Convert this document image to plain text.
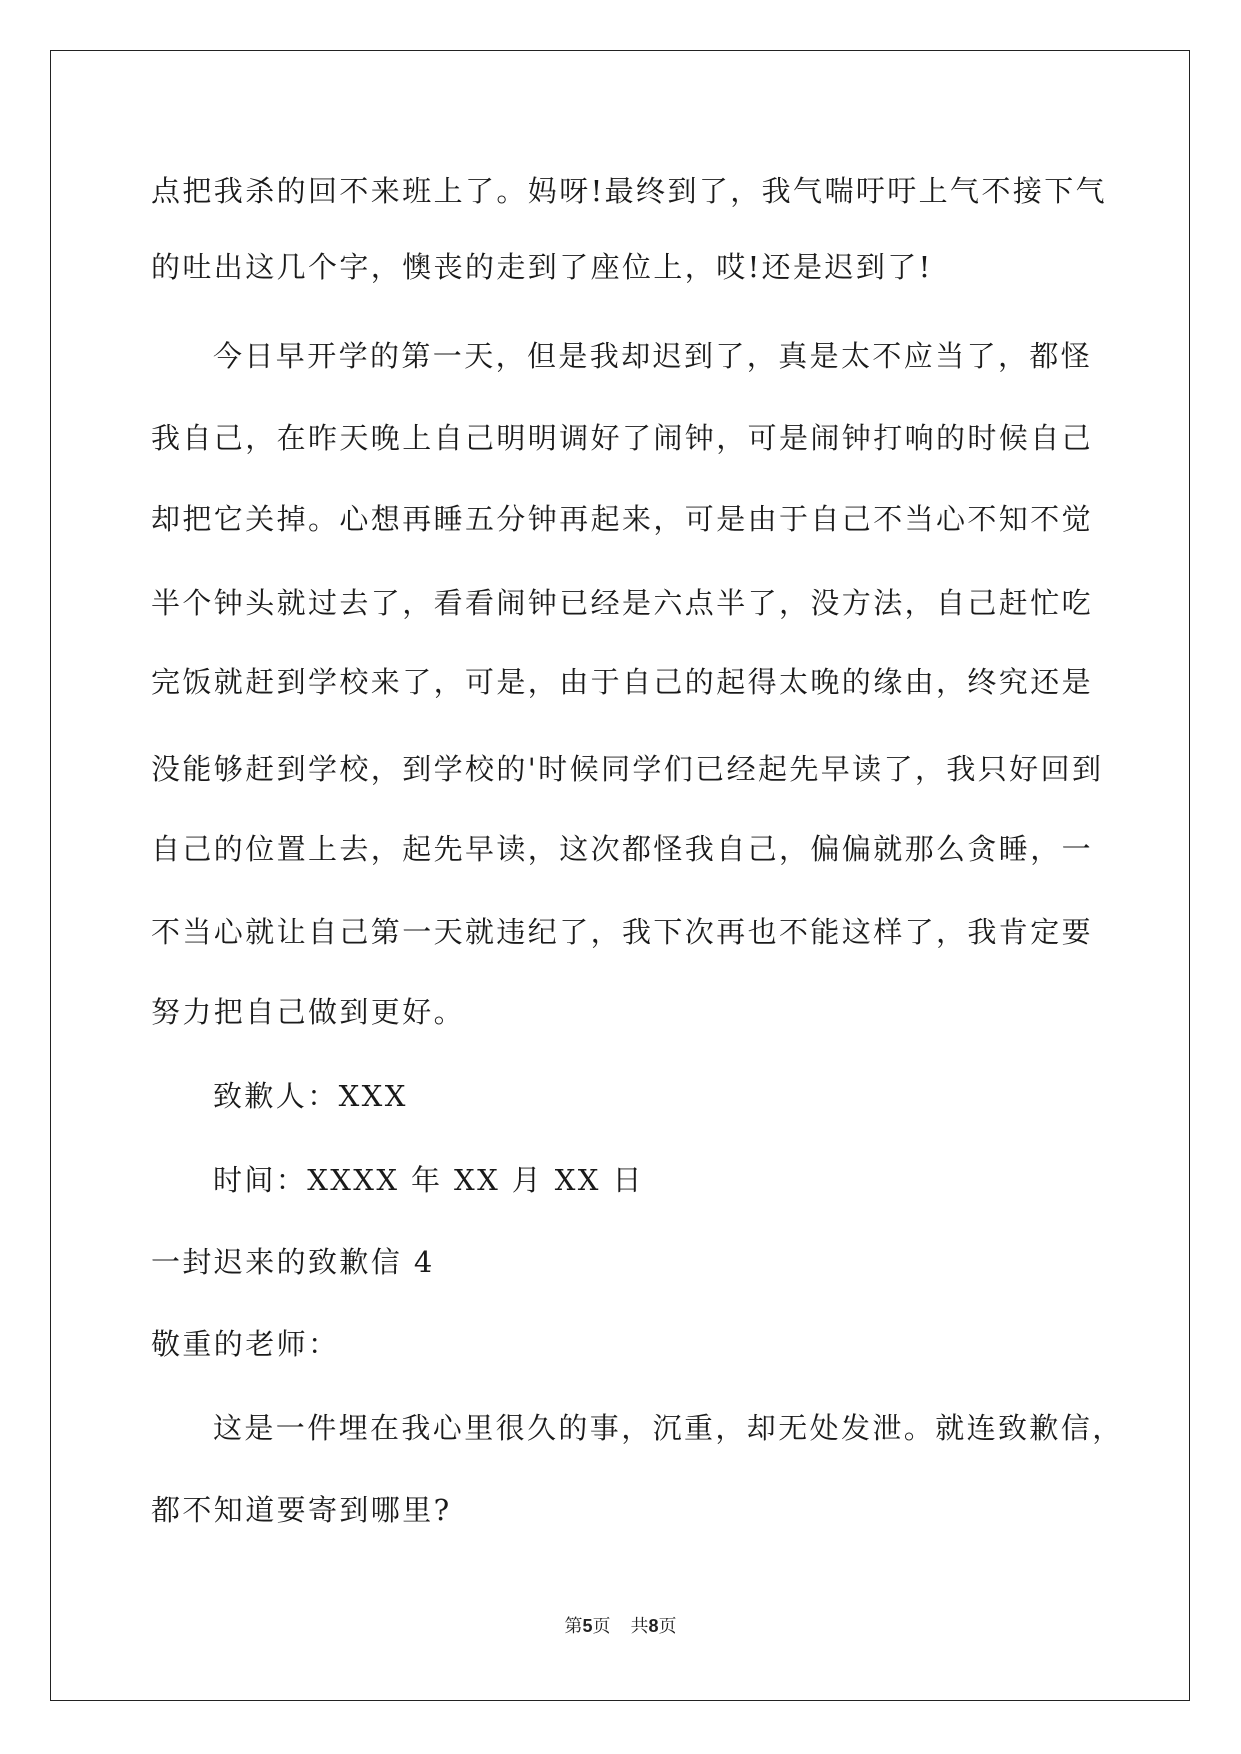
点把我杀的回不来班上了。妈呀!最终到了，我气喘吁吁上气不接下气
的吐出这几个字，懊丧的走到了座位上，哎!还是迟到了!
今日早开学的第一天，但是我却迟到了，真是太不应当了，都怪
我自己，在昨天晚上自己明明调好了闹钟，可是闹钟打响的时候自己
却把它关掉。心想再睡五分钟再起来，可是由于自己不当心不知不觉
半个钟头就过去了，看看闹钟已经是六点半了，没方法，自己赶忙吃
完饭就赶到学校来了，可是，由于自己的起得太晚的缘由，终究还是
没能够赶到学校，到学校的'时候同学们已经起先早读了，我只好回到
自己的位置上去，起先早读，这次都怪我自己，偏偏就那么贪睡，一
不当心就让自己第一天就违纪了，我下次再也不能这样了，我肯定要
努力把自己做到更好。
致歉人：XXX
时间：XXXX 年 XX 月 XX 日
一封迟来的致歉信 4
敬重的老师：
这是一件埋在我心里很久的事，沉重，却无处发泄。就连致歉信，
都不知道要寄到哪里?
第5页 共8页
